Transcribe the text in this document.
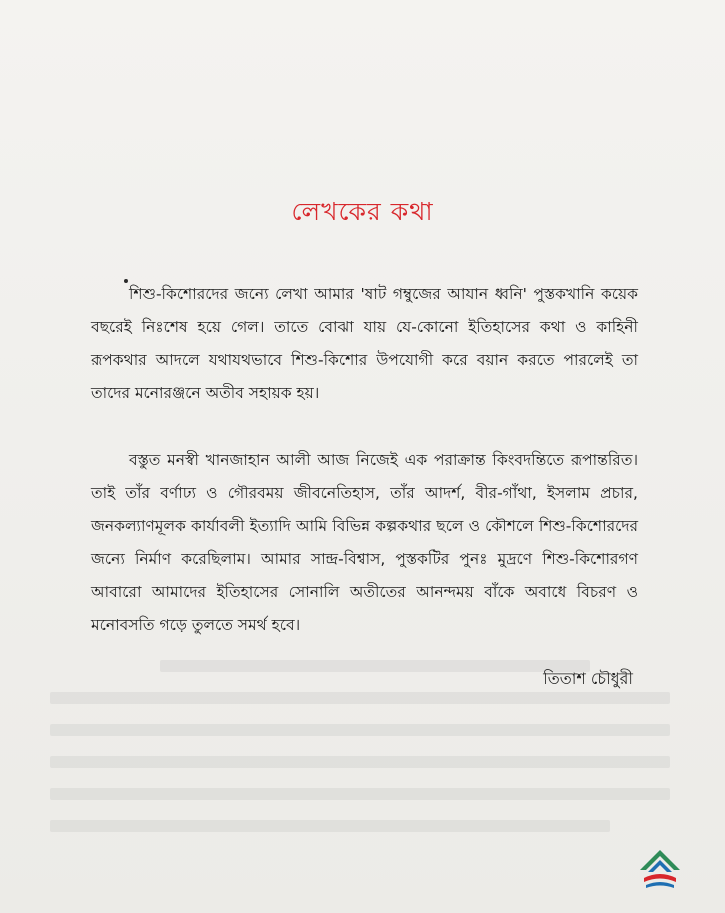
লেখকের কথা

শিশু-কিশোরদের জন্যে লেখা আমার 'ষাট গম্বুজের আযান ধ্বনি' পুস্তকখানি কয়েক বছরেই নিঃশেষ হয়ে গেল। তাতে বোঝা যায় যে-কোনো ইতিহাসের কথা ও কাহিনী রূপকথার আদলে যথাযথভাবে শিশু-কিশোর উপযোগী করে বয়ান করতে পারলেই তা তাদের মনোরঞ্জনে অতীব সহায়ক হয়।

বস্তুত মনস্বী খানজাহান আলী আজ নিজেই এক পরাক্রান্ত কিংবদন্তিতে রূপান্তরিত। তাই তাঁর বর্ণাঢ্য ও গৌরবময় জীবনেতিহাস, তাঁর আদর্শ, বীর-গাঁথা, ইসলাম প্রচার, জনকল্যাণমূলক কার্যাবলী ইত্যাদি আমি বিভিন্ন কল্পকথার ছলে ও কৌশলে শিশু-কিশোরদের জন্যে নির্মাণ করেছিলাম। আমার সান্দ্র-বিশ্বাস, পুস্তকটির পুনঃ মুদ্রণে শিশু-কিশোরগণ আবারো আমাদের ইতিহাসের সোনালি অতীতের আনন্দময় বাঁকে অবাধে বিচরণ ও মনোবসতি গড়ে তুলতে সমর্থ হবে।

তিতাশ চৌধুরী
